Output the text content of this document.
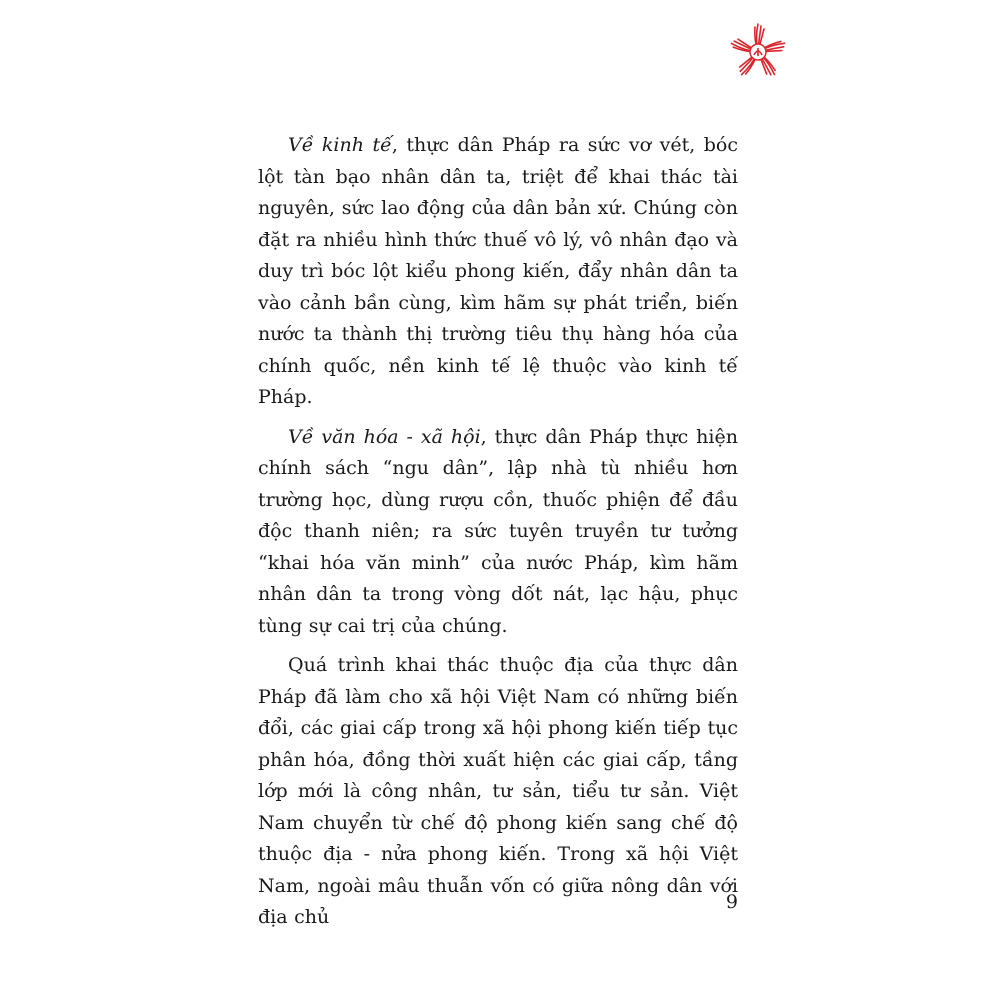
Về kinh tế, thực dân Pháp ra sức vơ vét, bóc lột tàn bạo nhân dân ta, triệt để khai thác tài nguyên, sức lao động của dân bản xứ. Chúng còn đặt ra nhiều hình thức thuế vô lý, vô nhân đạo và duy trì bóc lột kiểu phong kiến, đẩy nhân dân ta vào cảnh bần cùng, kìm hãm sự phát triển, biến nước ta thành thị trường tiêu thụ hàng hóa của chính quốc, nền kinh tế lệ thuộc vào kinh tế Pháp.

Về văn hóa - xã hội, thực dân Pháp thực hiện chính sách “ngu dân”, lập nhà tù nhiều hơn trường học, dùng rượu cồn, thuốc phiện để đầu độc thanh niên; ra sức tuyên truyền tư tưởng “khai hóa văn minh” của nước Pháp, kìm hãm nhân dân ta trong vòng dốt nát, lạc hậu, phục tùng sự cai trị của chúng.

Quá trình khai thác thuộc địa của thực dân Pháp đã làm cho xã hội Việt Nam có những biến đổi, các giai cấp trong xã hội phong kiến tiếp tục phân hóa, đồng thời xuất hiện các giai cấp, tầng lớp mới là công nhân, tư sản, tiểu tư sản. Việt Nam chuyển từ chế độ phong kiến sang chế độ thuộc địa - nửa phong kiến. Trong xã hội Việt Nam, ngoài mâu thuẫn vốn có giữa nông dân với địa chủ

9
